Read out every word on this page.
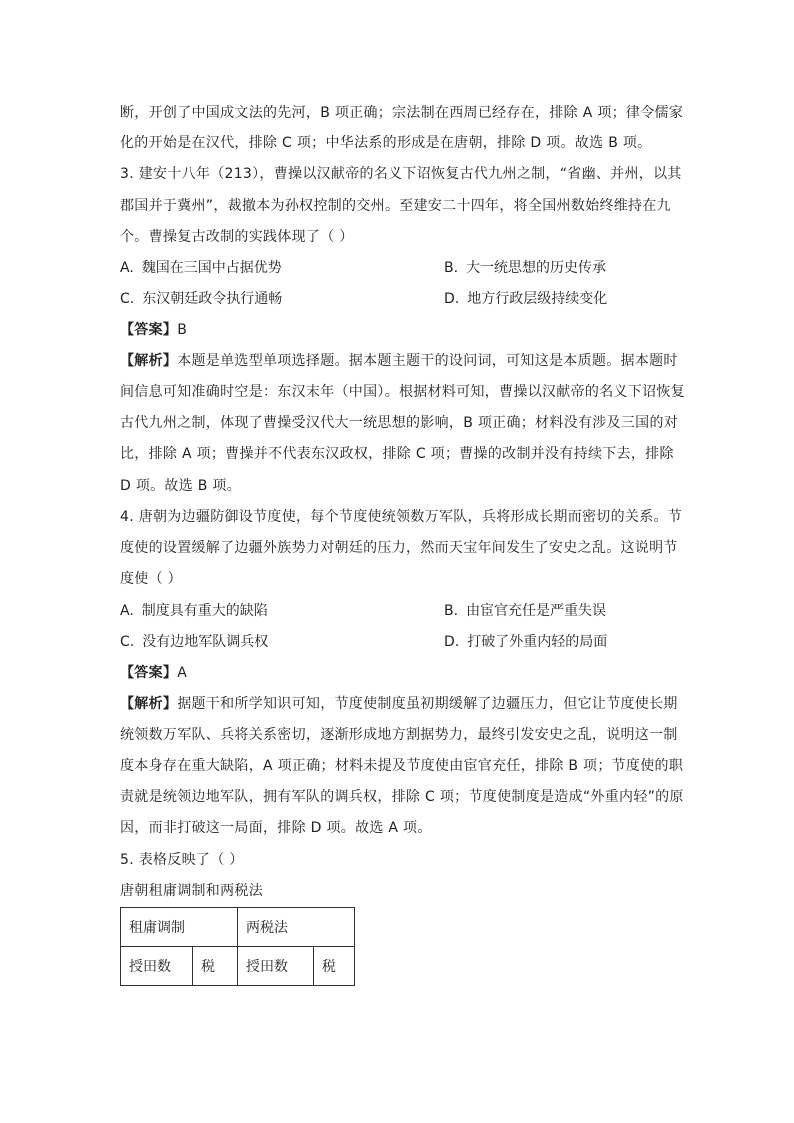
断，开创了中国成文法的先河，B 项正确；宗法制在西周已经存在，排除 A 项；律令儒家
化的开始是在汉代，排除 C 项；中华法系的形成是在唐朝，排除 D 项。故选 B 项。
3. 建安十八年（213），曹操以汉献帝的名义下诏恢复古代九州之制，“省幽、并州，以其
郡国并于冀州”，裁撤本为孙权控制的交州。至建安二十四年，将全国州数始终维持在九
个。曹操复古改制的实践体现了（ ）
A. 魏国在三国中占据优势	B. 大一统思想的历史传承
C. 东汉朝廷政令执行通畅	D. 地方行政层级持续变化
【答案】B
【解析】本题是单选型单项选择题。据本题主题干的设问词，可知这是本质题。据本题时
间信息可知准确时空是：东汉末年（中国）。根据材料可知，曹操以汉献帝的名义下诏恢复
古代九州之制，体现了曹操受汉代大一统思想的影响，B 项正确；材料没有涉及三国的对
比，排除 A 项；曹操并不代表东汉政权，排除 C 项；曹操的改制并没有持续下去，排除
D 项。故选 B 项。
4. 唐朝为边疆防御设节度使，每个节度使统领数万军队，兵将形成长期而密切的关系。节
度使的设置缓解了边疆外族势力对朝廷的压力，然而天宝年间发生了安史之乱。这说明节
度使（ ）
A. 制度具有重大的缺陷	B. 由宦官充任是严重失误
C. 没有边地军队调兵权	D. 打破了外重内轻的局面
【答案】A
【解析】据题干和所学知识可知，节度使制度虽初期缓解了边疆压力，但它让节度使长期
统领数万军队、兵将关系密切，逐渐形成地方割据势力，最终引发安史之乱，说明这一制
度本身存在重大缺陷，A 项正确；材料未提及节度使由宦官充任，排除 B 项；节度使的职
责就是统领边地军队，拥有军队的调兵权，排除 C 项；节度使制度是造成“外重内轻”的原
因，而非打破这一局面，排除 D 项。故选 A 项。
5. 表格反映了（ ）
唐朝租庸调制和两税法
租庸调制		两税法	
授田数	税	授田数	税
